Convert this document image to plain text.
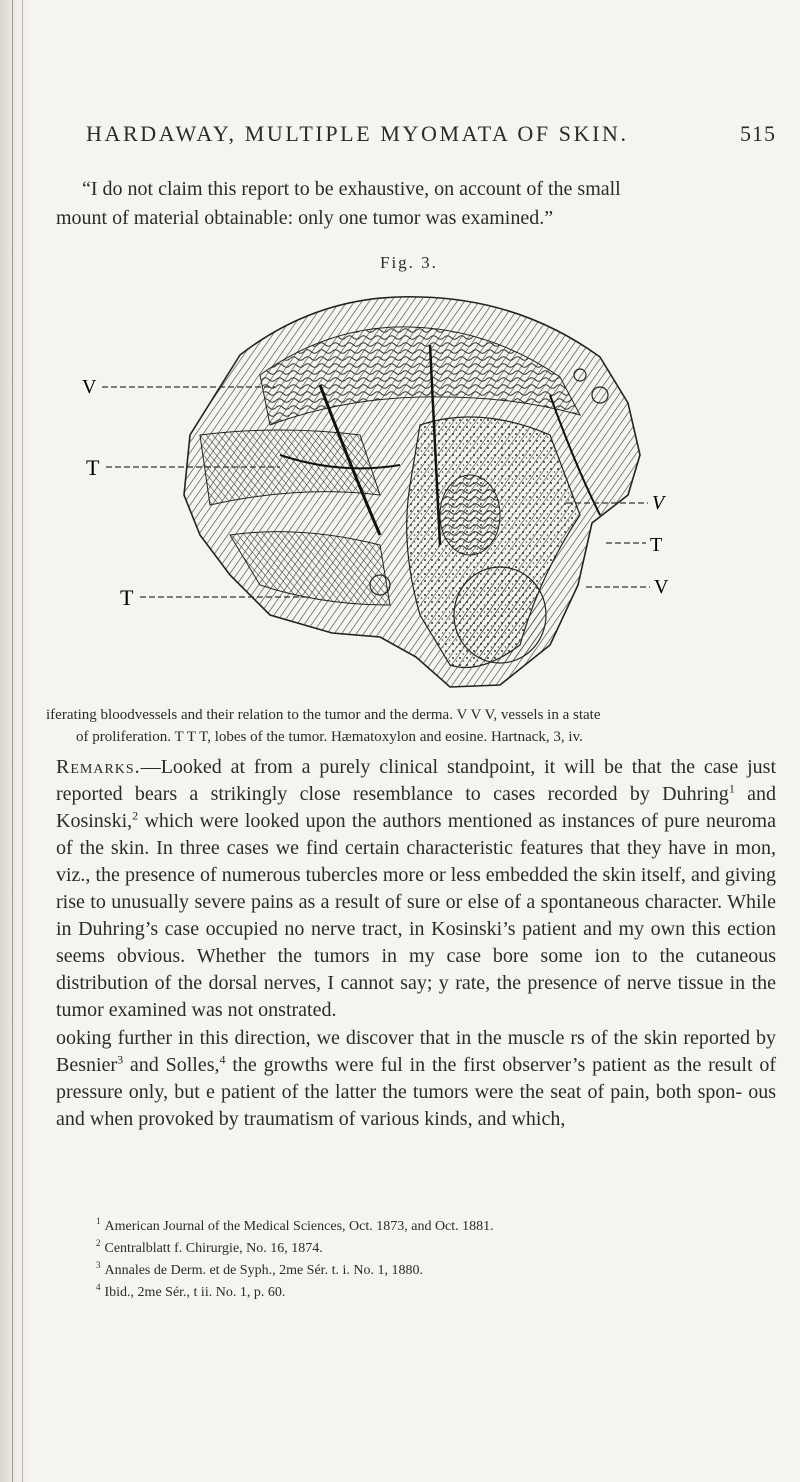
HARDAWAY, MULTIPLE MYOMATA OF SKIN.	515

“I do not claim this report to be exhaustive, on account of the small
mount of material obtainable: only one tumor was examined.”

Fig. 3.
V
T
T
V
T
V

iferating bloodvessels and their relation to the tumor and the derma. V V V, vessels in a state
of proliferation. T T T, lobes of the tumor. Hæmatoxylon and eosine. Hartnack, 3, iv.

Remarks.—Looked at from a purely clinical standpoint, it will be that the case just reported bears a strikingly close resemblance to cases recorded by Duhring$^1$ and Kosinski,$^2$ which were looked upon the authors mentioned as instances of pure neuroma of the skin. In three cases we find certain characteristic features that they have in mon, viz., the presence of numerous tubercles more or less embedded the skin itself, and giving rise to unusually severe pains as a result of sure or else of a spontaneous character. While in Duhring’s case occupied no nerve tract, in Kosinski’s patient and my own this ection seems obvious. Whether the tumors in my case bore some ion to the cutaneous distribution of the dorsal nerves, I cannot say; y rate, the presence of nerve tissue in the tumor examined was not onstrated.

ooking further in this direction, we discover that in the muscle rs of the skin reported by Besnier$^3$ and Solles,$^4$ the growths were ful in the first observer’s patient as the result of pressure only, but e patient of the latter the tumors were the seat of pain, both spon- ous and when provoked by traumatism of various kinds, and which,

$^1$ American Journal of the Medical Sciences, Oct. 1873, and Oct. 1881.
$^2$ Centralblatt f. Chirurgie, No. 16, 1874.
$^3$ Annales de Derm. et de Syph., 2me Sér. t. i. No. 1, 1880.
$^4$ Ibid., 2me Sér., t ii. No. 1, p. 60.
